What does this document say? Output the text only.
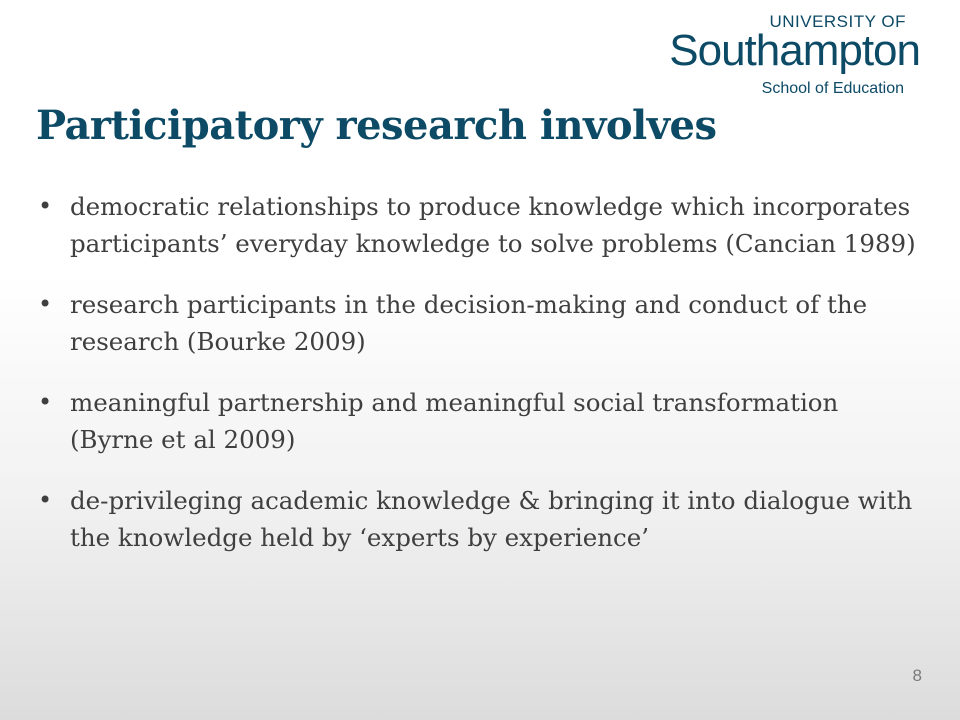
UNIVERSITY OF
Southampton
School of Education
Participatory research involves
• democratic relationships to produce knowledge which incorporates participants’ everyday knowledge to solve problems (Cancian 1989)
• research participants in the decision-making and conduct of the research (Bourke 2009)
• meaningful partnership and meaningful social transformation (Byrne et al 2009)
• de-privileging academic knowledge & bringing it into dialogue with the knowledge held by ‘experts by experience’
8
